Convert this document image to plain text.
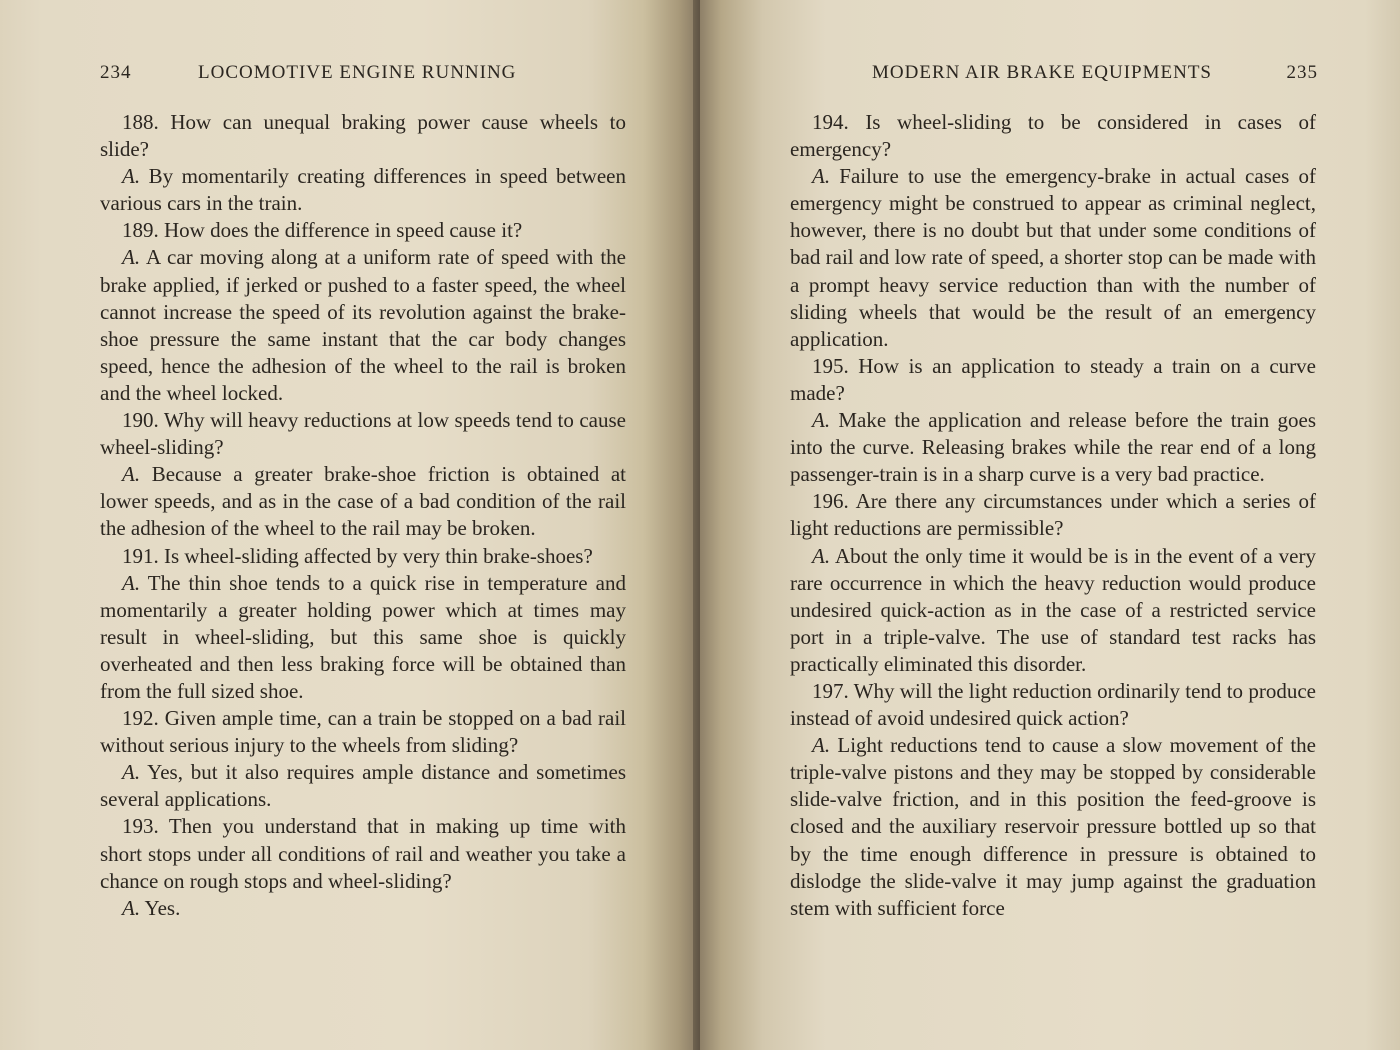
234	LOCOMOTIVE ENGINE RUNNING

188. How can unequal braking power cause wheels to slide?

A. By momentarily creating differences in speed between various cars in the train.

189. How does the difference in speed cause it?

A. A car moving along at a uniform rate of speed with the brake applied, if jerked or pushed to a faster speed, the wheel cannot increase the speed of its revolution against the brake-shoe pressure the same instant that the car body changes speed, hence the adhesion of the wheel to the rail is broken and the wheel locked.

190. Why will heavy reductions at low speeds tend to cause wheel-sliding?

A. Because a greater brake-shoe friction is obtained at lower speeds, and as in the case of a bad condition of the rail the adhesion of the wheel to the rail may be broken.

191. Is wheel-sliding affected by very thin brake-shoes?

A. The thin shoe tends to a quick rise in temperature and momentarily a greater holding power which at times may result in wheel-sliding, but this same shoe is quickly overheated and then less braking force will be obtained than from the full sized shoe.

192. Given ample time, can a train be stopped on a bad rail without serious injury to the wheels from sliding?

A. Yes, but it also requires ample distance and sometimes several applications.

193. Then you understand that in making up time with short stops under all conditions of rail and weather you take a chance on rough stops and wheel-sliding?

A. Yes.

MODERN AIR BRAKE EQUIPMENTS	235

194. Is wheel-sliding to be considered in cases of emergency?

A. Failure to use the emergency-brake in actual cases of emergency might be construed to appear as criminal neglect, however, there is no doubt but that under some conditions of bad rail and low rate of speed, a shorter stop can be made with a prompt heavy service reduction than with the number of sliding wheels that would be the result of an emergency application.

195. How is an application to steady a train on a curve made?

A. Make the application and release before the train goes into the curve. Releasing brakes while the rear end of a long passenger-train is in a sharp curve is a very bad practice.

196. Are there any circumstances under which a series of light reductions are permissible?

A. About the only time it would be is in the event of a very rare occurrence in which the heavy reduction would produce undesired quick-action as in the case of a restricted service port in a triple-valve. The use of standard test racks has practically eliminated this disorder.

197. Why will the light reduction ordinarily tend to produce instead of avoid undesired quick action?

A. Light reductions tend to cause a slow movement of the triple-valve pistons and they may be stopped by considerable slide-valve friction, and in this position the feed-groove is closed and the auxiliary reservoir pressure bottled up so that by the time enough difference in pressure is obtained to dislodge the slide-valve it may jump against the graduation stem with sufficient force
